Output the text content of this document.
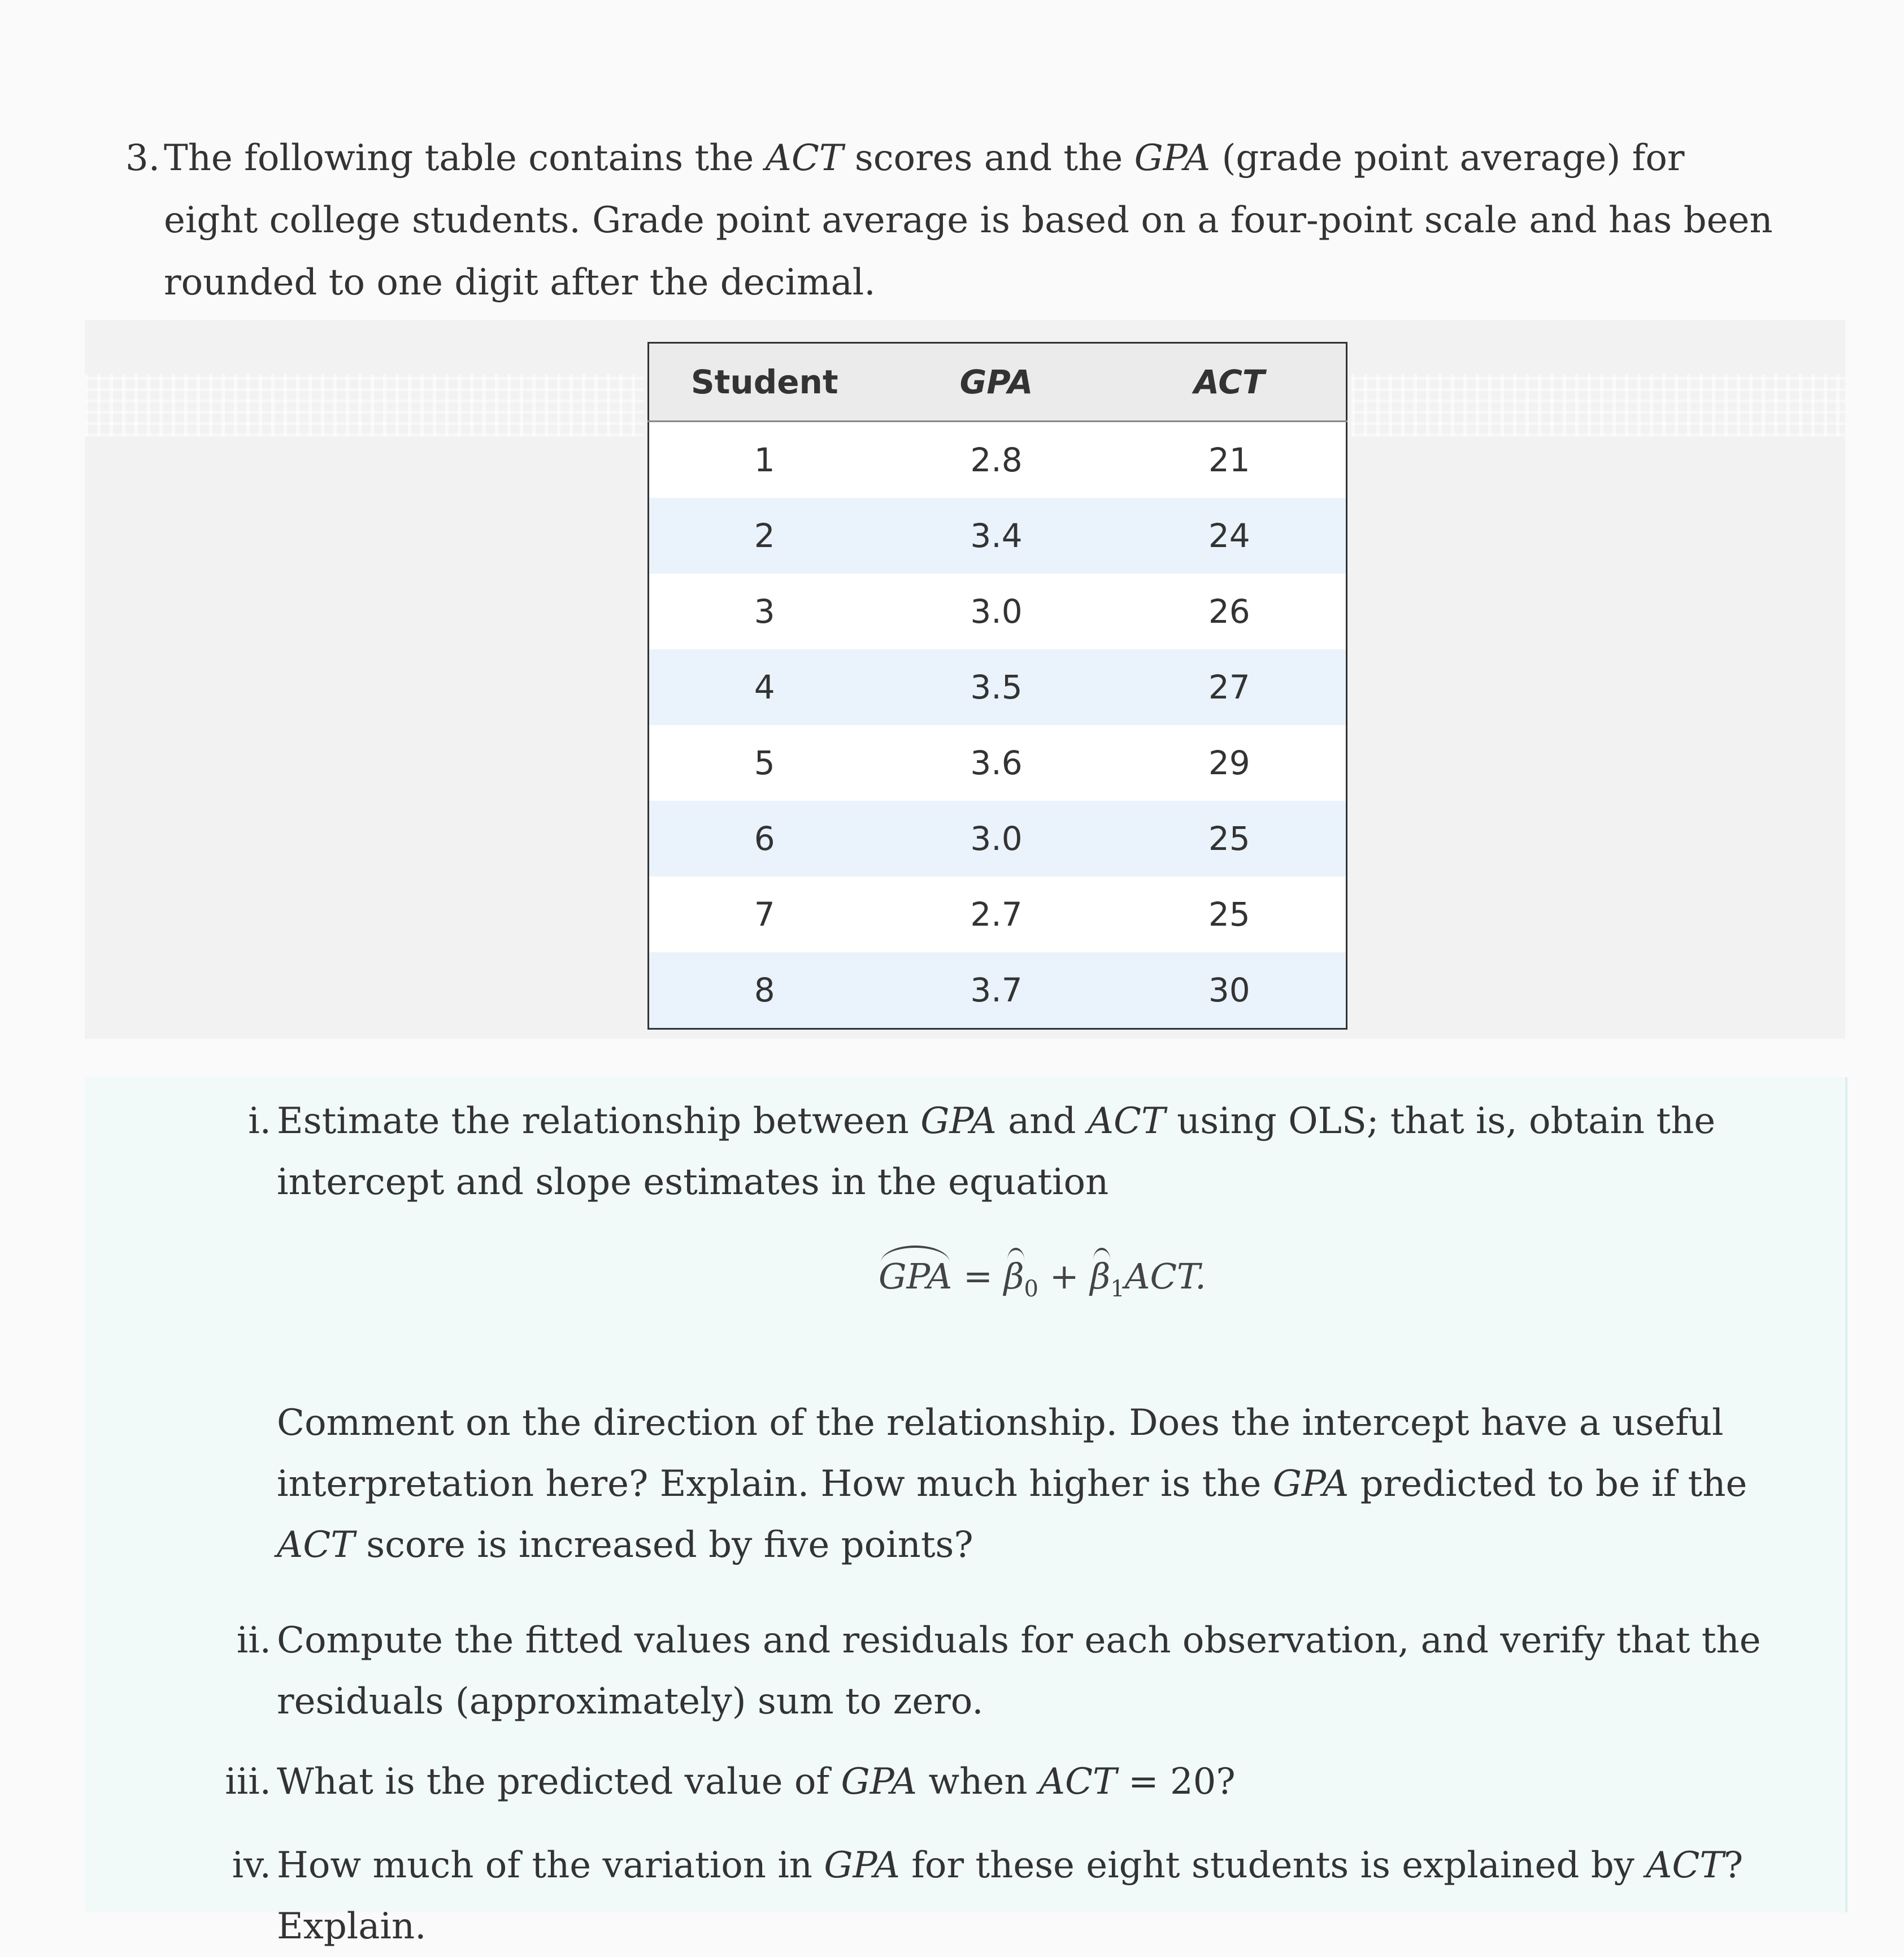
3. The following table contains the ACT scores and the GPA (grade point average) for eight college students. Grade point average is based on a four-point scale and has been rounded to one digit after the decimal.

Student	GPA	ACT
1	2.8	21
2	3.4	24
3	3.0	26
4	3.5	27
5	3.6	29
6	3.0	25
7	2.7	25
8	3.7	30

i. Estimate the relationship between GPA and ACT using OLS; that is, obtain the intercept and slope estimates in the equation

GPA = $\beta_0 + \beta_1ACT$.

Comment on the direction of the relationship. Does the intercept have a useful interpretation here? Explain. How much higher is the GPA predicted to be if the ACT score is increased by five points?

ii. Compute the fitted values and residuals for each observation, and verify that the residuals (approximately) sum to zero.

iii. What is the predicted value of GPA when ACT = 20?

iv. How much of the variation in GPA for these eight students is explained by ACT? Explain.
